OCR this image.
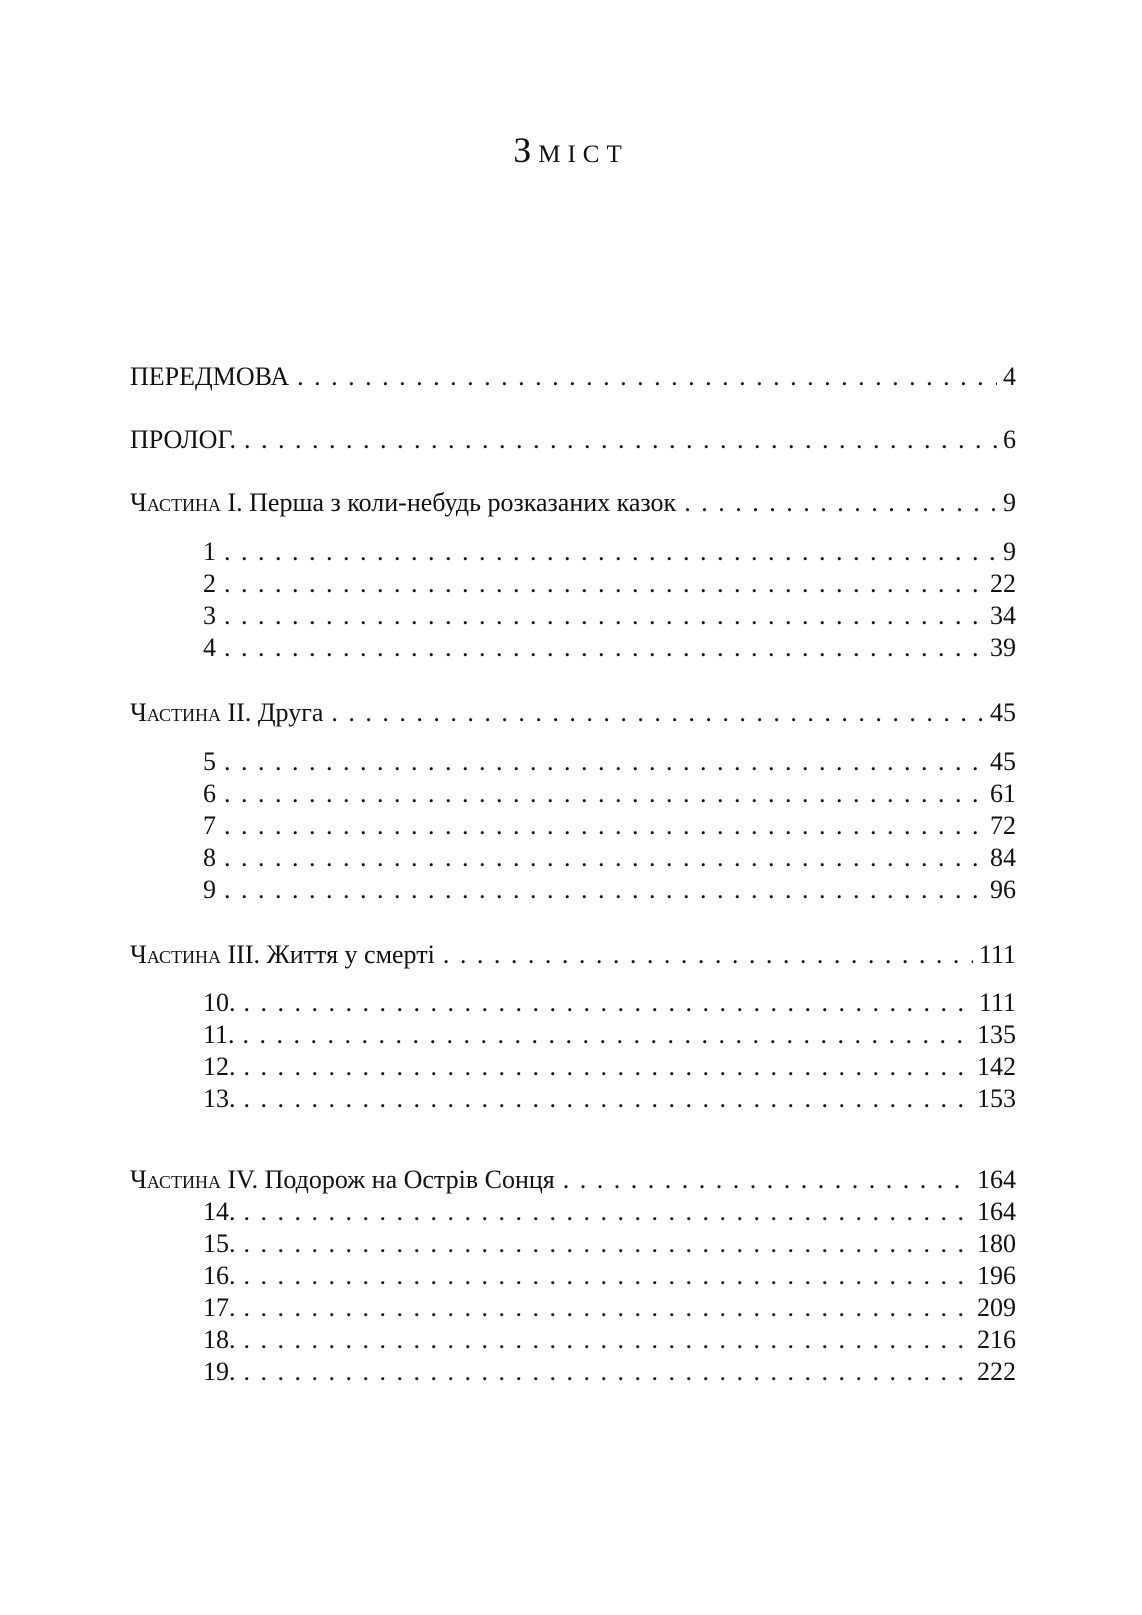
Зміст
ПЕРЕДМОВА . . .	4
ПРОЛОГ. . . .	6
Частина I. Перша з коли-небудь розказаних казок . . .	9
1 . . .	9
2 . . .	22
3 . . .	34
4 . . .	39
Частина II. Друга . . .	45
5 . . .	45
6 . . .	61
7 . . .	72
8 . . .	84
9 . . .	96
Частина III. Життя у смерті . . .	111
10. . . .	111
11. . . .	135
12. . . .	142
13. . . .	153
Частина IV. Подорож на Острів Сонця . . .	164
14. . . .	164
15. . . .	180
16. . . .	196
17. . . .	209
18. . . .	216
19. . . .	222
